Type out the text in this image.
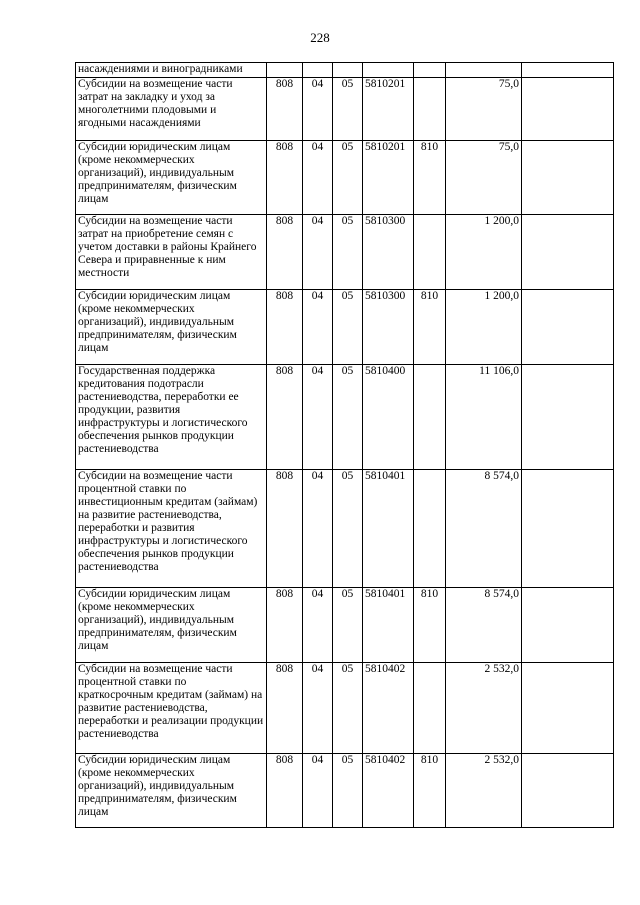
228
насаждениями и виноградниками							
Субсидии на возмещение части затрат на закладку и уход за многолетними плодовыми и ягодными насаждениями	808	04	05	5810201		75,0	
Субсидии юридическим лицам (кроме некоммерческих организаций), индивидуальным предпринимателям, физическим лицам	808	04	05	5810201	810	75,0	
Субсидии на возмещение части затрат на приобретение семян с учетом доставки в районы Крайнего Севера и приравненные к ним местности	808	04	05	5810300		1 200,0	
Субсидии юридическим лицам (кроме некоммерческих организаций), индивидуальным предпринимателям, физическим лицам	808	04	05	5810300	810	1 200,0	
Государственная поддержка кредитования подотрасли растениеводства, переработки ее продукции, развития инфраструктуры и логистического обеспечения рынков продукции растениеводства	808	04	05	5810400		11 106,0	
Субсидии на возмещение части процентной ставки по инвестиционным кредитам (займам) на развитие растениеводства, переработки и развития инфраструктуры и логистического обеспечения рынков продукции растениеводства	808	04	05	5810401		8 574,0	
Субсидии юридическим лицам (кроме некоммерческих организаций), индивидуальным предпринимателям, физическим лицам	808	04	05	5810401	810	8 574,0	
Субсидии на возмещение части процентной ставки по краткосрочным кредитам (займам) на развитие растениеводства, переработки и реализации продукции растениеводства	808	04	05	5810402		2 532,0	
Субсидии юридическим лицам (кроме некоммерческих организаций), индивидуальным предпринимателям, физическим лицам	808	04	05	5810402	810	2 532,0	
